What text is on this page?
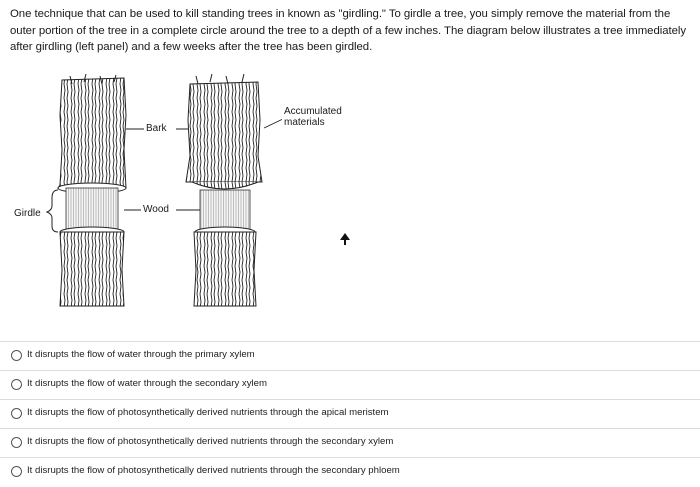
One technique that can be used to kill standing trees in known as "girdling." To girdle a tree, you simply remove the material from the outer portion of the tree in a complete circle around the tree to a depth of a few inches. The diagram below illustrates a tree immediately after girdling (left panel) and a few weeks after the tree has been girdled.
Bark
Wood
Girdle
Accumulated materials
It disrupts the flow of water through the primary xylem
It disrupts the flow of water through the secondary xylem
It disrupts the flow of photosynthetically derived nutrients through the apical meristem
It disrupts the flow of photosynthetically derived nutrients through the secondary xylem
It disrupts the flow of photosynthetically derived nutrients through the secondary phloem
